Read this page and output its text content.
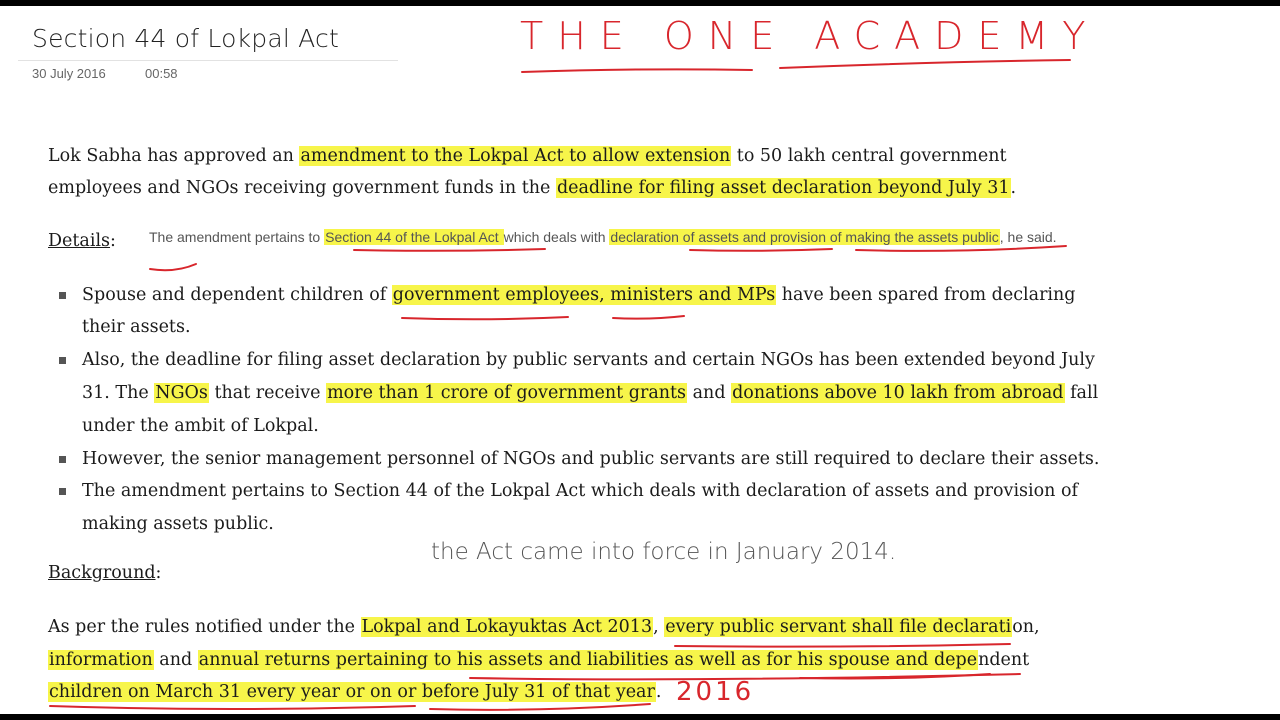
Section 44 of Lokpal Act
30 July 2016	00:58
THE ONE ACADEMY
Lok Sabha has approved an amendment to the Lokpal Act to allow extension to 50 lakh central government
employees and NGOs receiving government funds in the deadline for filing asset declaration beyond July 31.
Details: The amendment pertains to Section 44 of the Lokpal Act which deals with declaration of assets and provision of making the assets public, he said.
Spouse and dependent children of government employees, ministers and MPs have been spared from declaring
their assets.
Also, the deadline for filing asset declaration by public servants and certain NGOs has been extended beyond July
31. The NGOs that receive more than 1 crore of government grants and donations above 10 lakh from abroad fall
under the ambit of Lokpal.
However, the senior management personnel of NGOs and public servants are still required to declare their assets.
The amendment pertains to Section 44 of the Lokpal Act which deals with declaration of assets and provision of
making assets public.
the Act came into force in January 2014.
Background:
As per the rules notified under the Lokpal and Lokayuktas Act 2013, every public servant shall file declaration,
information and annual returns pertaining to his assets and liabilities as well as for his spouse and dependent
children on March 31 every year or on or before July 31 of that year. 2016
